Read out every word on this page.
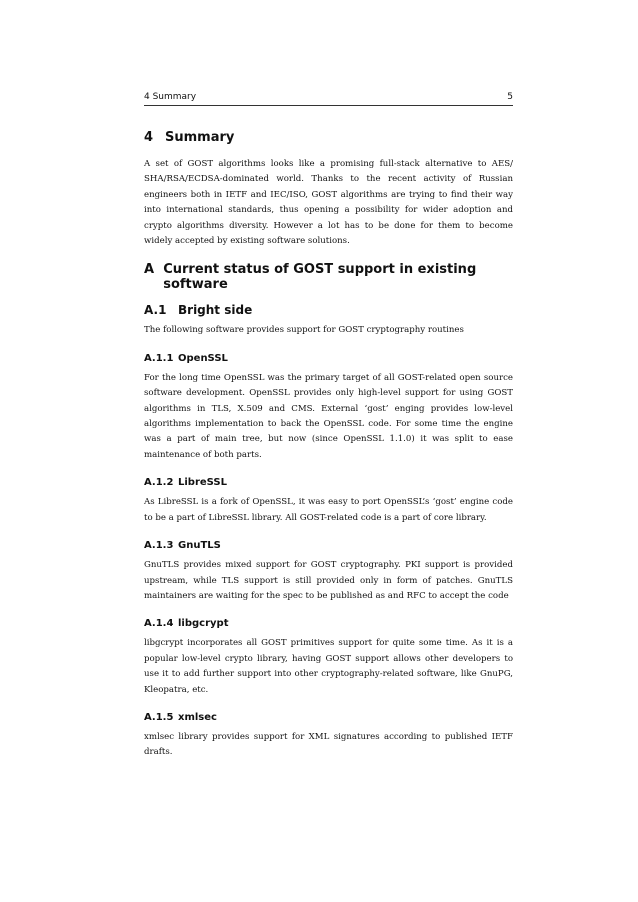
4 Summary	5
4 Summary

A set of GOST algorithms looks like a promising full-stack alternative to AES/ SHA/RSA/ECDSA-dominated world. Thanks to the recent activity of Russian engineers both in IETF and IEC/ISO, GOST algorithms are trying to find their way into international standards, thus opening a possibility for wider adoption and crypto algorithms diversity. However a lot has to be done for them to become widely accepted by existing software solutions.

A Current status of GOST support in existing software
A.1 Bright side

The following software provides support for GOST cryptography routines

A.1.1 OpenSSL

For the long time OpenSSL was the primary target of all GOST-related open source software development. OpenSSL provides only high-level support for using GOST algorithms in TLS, X.509 and CMS. External ‘gost’ enging provides low-level algorithms implementation to back the OpenSSL code. For some time the engine was a part of main tree, but now (since OpenSSL 1.1.0) it was split to ease maintenance of both parts.

A.1.2 LibreSSL

As LibreSSL is a fork of OpenSSL, it was easy to port OpenSSL’s ‘gost’ engine code to be a part of LibreSSL library. All GOST-related code is a part of core library.

A.1.3 GnuTLS

GnuTLS provides mixed support for GOST cryptography. PKI support is provided upstream, while TLS support is still provided only in form of patches. GnuTLS maintainers are waiting for the spec to be published as and RFC to accept the code

A.1.4 libgcrypt

libgcrypt incorporates all GOST primitives support for quite some time. As it is a popular low-level crypto library, having GOST support allows other developers to use it to add further support into other cryptography-related software, like GnuPG, Kleopatra, etc.

A.1.5 xmlsec

xmlsec library provides support for XML signatures according to published IETF drafts.
